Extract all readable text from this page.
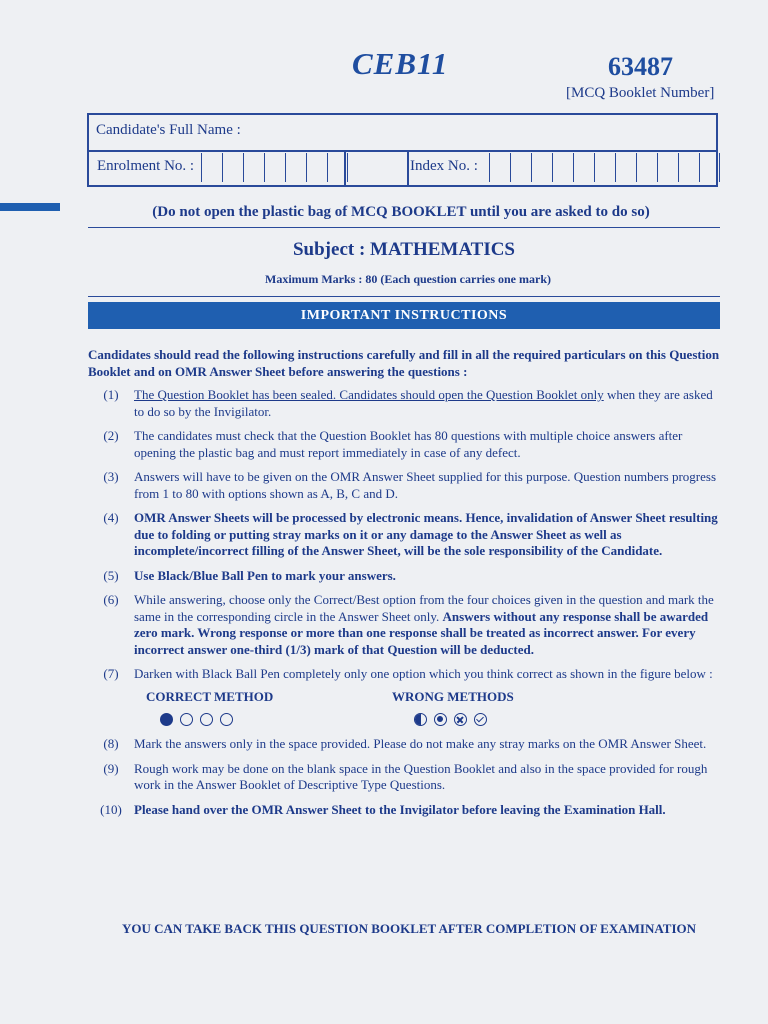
CEB11	63487
[MCQ Booklet Number]
Candidate's Full Name :
Enrolment No. :	Index No. :
(Do not open the plastic bag of MCQ BOOKLET until you are asked to do so)
Subject : MATHEMATICS
Maximum Marks : 80 (Each question carries one mark)
IMPORTANT INSTRUCTIONS
Candidates should read the following instructions carefully and fill in all the required particulars on this Question Booklet and on OMR Answer Sheet before answering the questions :
(1)	The Question Booklet has been sealed. Candidates should open the Question Booklet only when they are asked to do so by the Invigilator.
(2)	The candidates must check that the Question Booklet has 80 questions with multiple choice answers after opening the plastic bag and must report immediately in case of any defect.
(3)	Answers will have to be given on the OMR Answer Sheet supplied for this purpose. Question numbers progress from 1 to 80 with options shown as A, B, C and D.
(4)	OMR Answer Sheets will be processed by electronic means. Hence, invalidation of Answer Sheet resulting due to folding or putting stray marks on it or any damage to the Answer Sheet as well as incomplete/incorrect filling of the Answer Sheet, will be the sole responsibility of the Candidate.
(5)	Use Black/Blue Ball Pen to mark your answers.
(6)	While answering, choose only the Correct/Best option from the four choices given in the question and mark the same in the corresponding circle in the Answer Sheet only. Answers without any response shall be awarded zero mark. Wrong response or more than one response shall be treated as incorrect answer. For every incorrect answer one-third (1/3) mark of that Question will be deducted.
(7)	Darken with Black Ball Pen completely only one option which you think correct as shown in the figure below :
CORRECT METHOD	WRONG METHODS
(8)	Mark the answers only in the space provided. Please do not make any stray marks on the OMR Answer Sheet.
(9)	Rough work may be done on the blank space in the Question Booklet and also in the space provided for rough work in the Answer Booklet of Descriptive Type Questions.
(10) Please hand over the OMR Answer Sheet to the Invigilator before leaving the Examination Hall.
YOU CAN TAKE BACK THIS QUESTION BOOKLET AFTER COMPLETION OF EXAMINATION
